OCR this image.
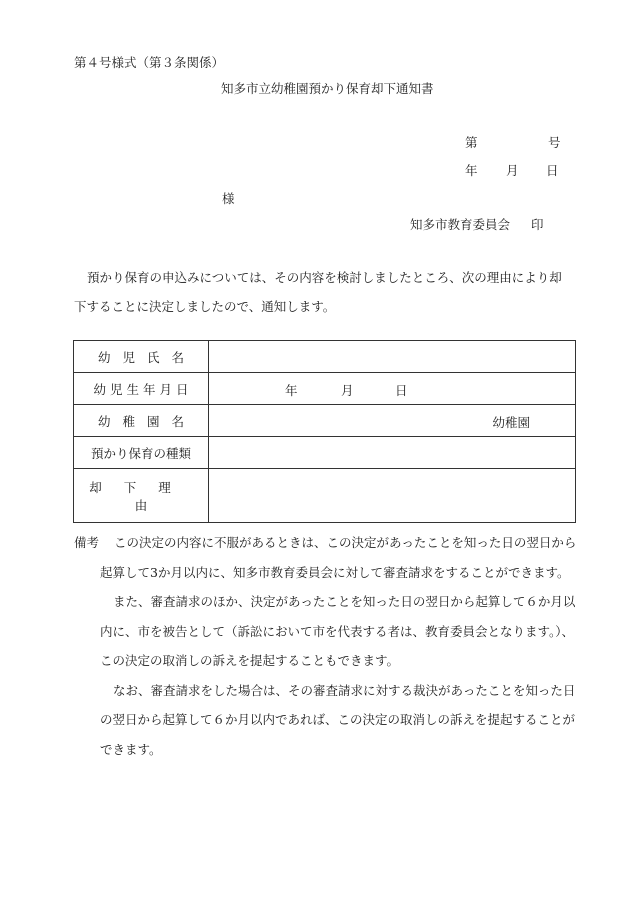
第４号様式（第３条関係）
知多市立幼稚園預かり保育却下通知書
第	号
年 月 日
様
知多市教育委員会 印
預かり保育の申込みについては、その内容を検討しましたところ、次の理由により却下することに決定しましたので、通知します。
幼児氏名	
幼児生年月日	年 月 日

幼稚園名	幼稚園

預かり保育の種類	
却下理由	
備考	この決定の内容に不服があるときは、この決定があったことを知った日の翌日から起算して3か月以内に、知多市教育委員会に対して審査請求をすることができます。

また、審査請求のほか、決定があったことを知った日の翌日から起算して６か月以内に、市を被告として（訴訟において市を代表する者は、教育委員会となります。）、この決定の取消しの訴えを提起することもできます。

なお、審査請求をした場合は、その審査請求に対する裁決があったことを知った日の翌日から起算して６か月以内であれば、この決定の取消しの訴えを提起することができます。
